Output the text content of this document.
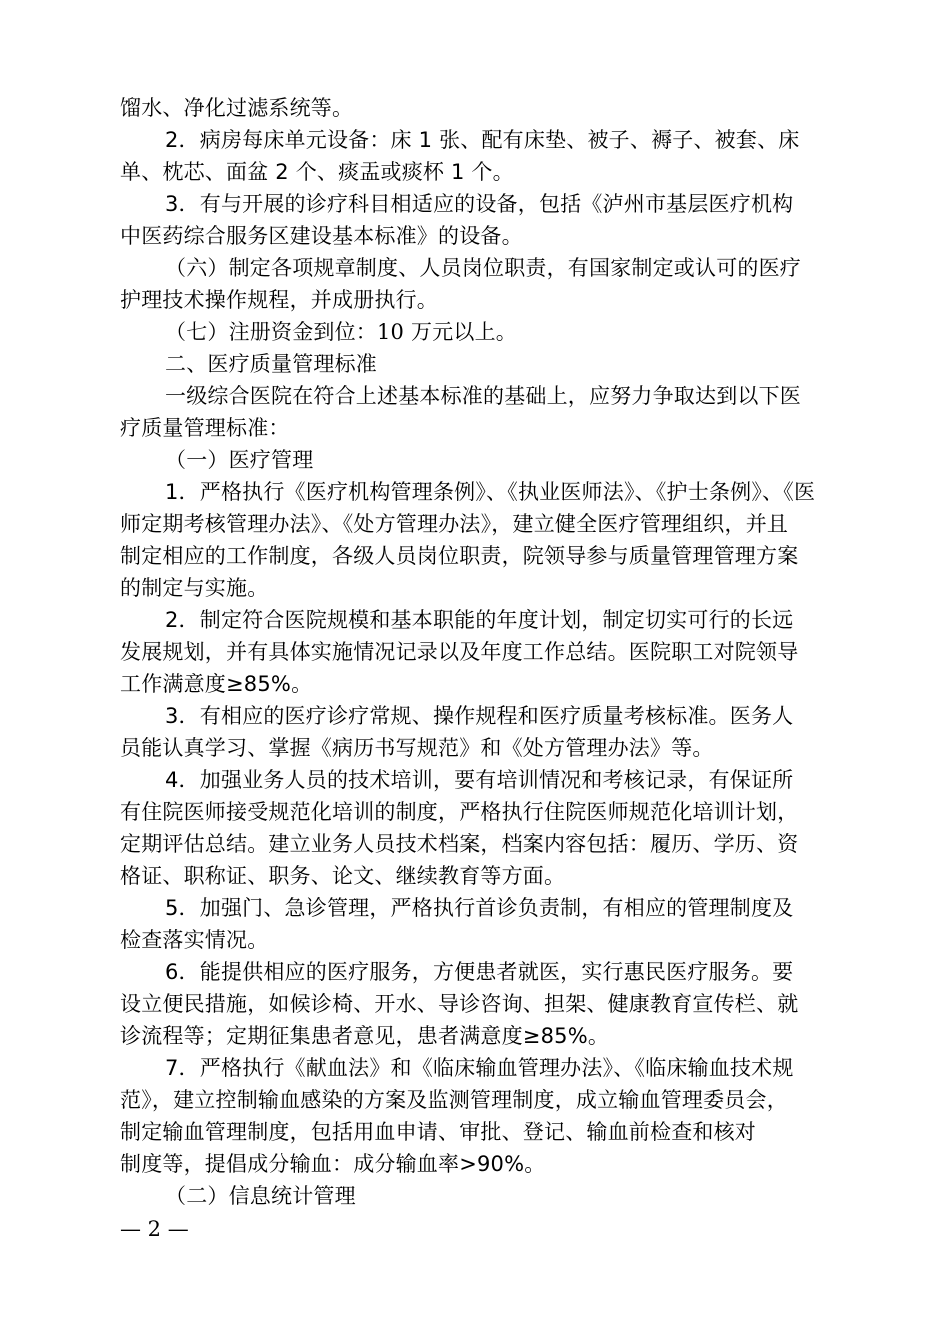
馏水、净化过滤系统等。
2．病房每床单元设备：床 1 张、配有床垫、被子、褥子、被套、床
单、枕芯、面盆 2 个、痰盂或痰杯 1 个。
3．有与开展的诊疗科目相适应的设备，包括《泸州市基层医疗机构
中医药综合服务区建设基本标准》的设备。
（六）制定各项规章制度、人员岗位职责，有国家制定或认可的医疗
护理技术操作规程，并成册执行。
（七）注册资金到位：10 万元以上。
二、医疗质量管理标准
一级综合医院在符合上述基本标准的基础上，应努力争取达到以下医
疗质量管理标准：
（一）医疗管理
1．严格执行《医疗机构管理条例》、《执业医师法》、《护士条例》、《医
师定期考核管理办法》、《处方管理办法》，建立健全医疗管理组织，并且
制定相应的工作制度，各级人员岗位职责，院领导参与质量管理管理方案
的制定与实施。
2．制定符合医院规模和基本职能的年度计划，制定切实可行的长远
发展规划，并有具体实施情况记录以及年度工作总结。医院职工对院领导
工作满意度≥85%。
3．有相应的医疗诊疗常规、操作规程和医疗质量考核标准。医务人
员能认真学习、掌握《病历书写规范》和《处方管理办法》等。
4．加强业务人员的技术培训，要有培训情况和考核记录，有保证所
有住院医师接受规范化培训的制度，严格执行住院医师规范化培训计划，
定期评估总结。建立业务人员技术档案，档案内容包括：履历、学历、资
格证、职称证、职务、论文、继续教育等方面。
5．加强门、急诊管理，严格执行首诊负责制，有相应的管理制度及
检查落实情况。
6．能提供相应的医疗服务，方便患者就医，实行惠民医疗服务。要
设立便民措施，如候诊椅、开水、导诊咨询、担架、健康教育宣传栏、就
诊流程等；定期征集患者意见，患者满意度≥85%。
7．严格执行《献血法》和《临床输血管理办法》、《临床输血技术规
范》，建立控制输血感染的方案及监测管理制度，成立输血管理委员会，
制定输血管理制度，包括用血申请、审批、登记、输血前检查和核对
制度等，提倡成分输血：成分输血率>90%。
（二）信息统计管理
— 2 —
